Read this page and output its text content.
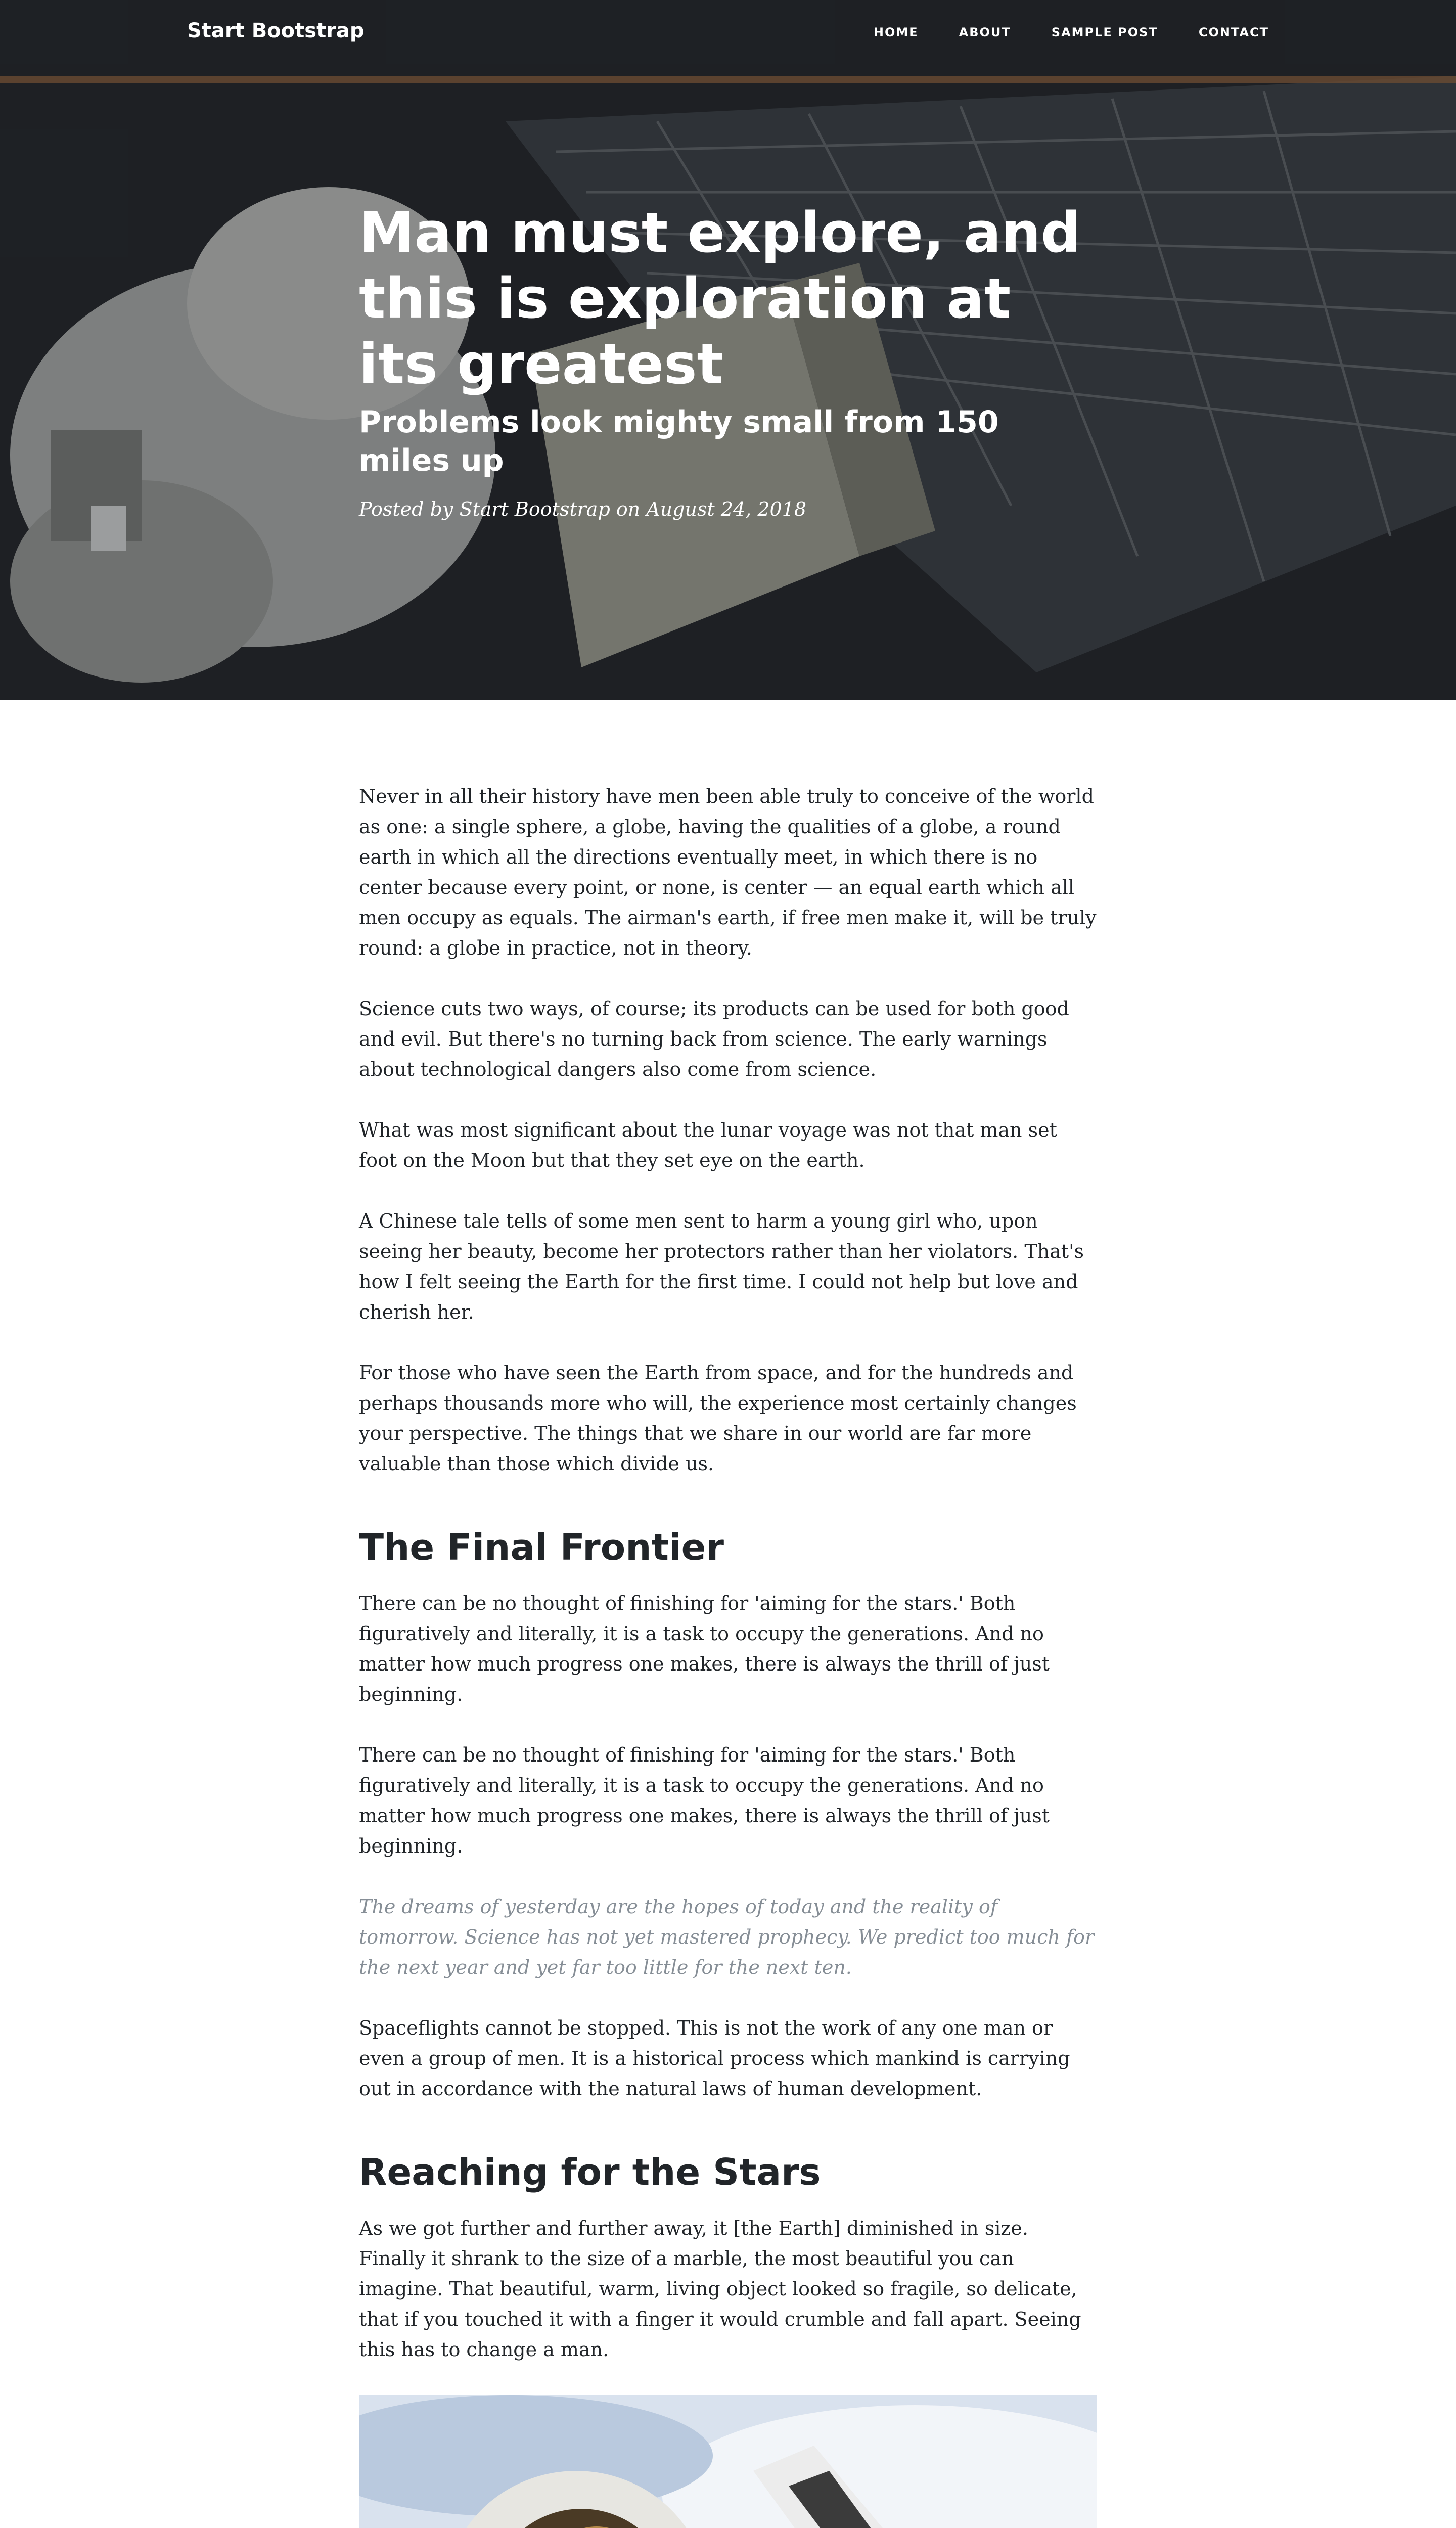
Man must explore, and this is exploration at its greatest
Problems look mighty small from 150 miles up
Posted by Start Bootstrap on August 24, 2018
Start Bootstrap	HOME	ABOUT	SAMPLE POST	CONTACT

Never in all their history have men been able truly to conceive of the world as one: a single sphere, a globe, having the qualities of a globe, a round earth in which all the directions eventually meet, in which there is no center because every point, or none, is center — an equal earth which all men occupy as equals. The airman's earth, if free men make it, will be truly round: a globe in practice, not in theory.

Science cuts two ways, of course; its products can be used for both good and evil. But there's no turning back from science. The early warnings about technological dangers also come from science.

What was most significant about the lunar voyage was not that man set foot on the Moon but that they set eye on the earth.

A Chinese tale tells of some men sent to harm a young girl who, upon seeing her beauty, become her protectors rather than her violators. That's how I felt seeing the Earth for the first time. I could not help but love and cherish her.

For those who have seen the Earth from space, and for the hundreds and perhaps thousands more who will, the experience most certainly changes your perspective. The things that we share in our world are far more valuable than those which divide us.

The Final Frontier

There can be no thought of finishing for 'aiming for the stars.' Both figuratively and literally, it is a task to occupy the generations. And no matter how much progress one makes, there is always the thrill of just beginning.

There can be no thought of finishing for 'aiming for the stars.' Both figuratively and literally, it is a task to occupy the generations. And no matter how much progress one makes, there is always the thrill of just beginning.

The dreams of yesterday are the hopes of today and the reality of tomorrow. Science has not yet mastered prophecy. We predict too much for the next year and yet far too little for the next ten.

Spaceflights cannot be stopped. This is not the work of any one man or even a group of men. It is a historical process which mankind is carrying out in accordance with the natural laws of human development.

Reaching for the Stars

As we got further and further away, it [the Earth] diminished in size. Finally it shrank to the size of a marble, the most beautiful you can imagine. That beautiful, warm, living object looked so fragile, so delicate, that if you touched it with a finger it would crumble and fall apart. Seeing this has to change a man.
